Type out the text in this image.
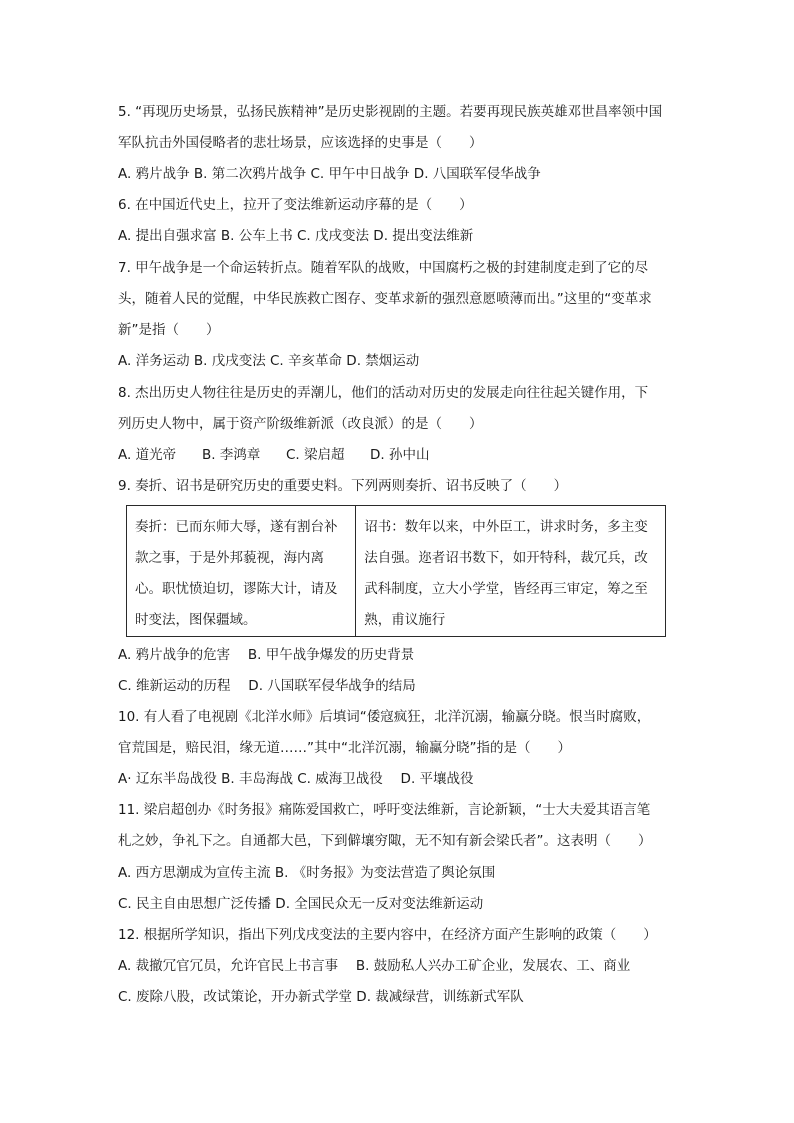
5. “再现历史场景，弘扬民族精神”是历史影视剧的主题。若要再现民族英雄邓世昌率领中国
军队抗击外国侵略者的悲壮场景，应该选择的史事是（　　）
A. 鸦片战争 B. 第二次鸦片战争 C. 甲午中日战争 D. 八国联军侵华战争
6. 在中国近代史上，拉开了变法维新运动序幕的是（　　）
A. 提出自强求富 B. 公车上书 C. 戊戌变法 D. 提出变法维新
7. 甲午战争是一个命运转折点。随着军队的战败，中国腐朽之极的封建制度走到了它的尽
头，随着人民的觉醒，中华民族救亡图存、变革求新的强烈意愿喷薄而出。”这里的“变革求
新”是指（　　）
A. 洋务运动 B. 戊戌变法 C. 辛亥革命 D. 禁烟运动
8. 杰出历史人物往往是历史的弄潮儿，他们的活动对历史的发展走向往往起关键作用，下
列历史人物中，属于资产阶级维新派（改良派）的是（　　）
A. 道光帝 B. 李鸿章 C. 梁启超 D. 孙中山
9. 奏折、诏书是研究历史的重要史料。下列两则奏折、诏书反映了（　　）
奏折：已而东师大辱，遂有割台补款之事，于是外邦藐视，海内离心。职忧愤迫切，谬陈大计，请及时变法，图保疆域。	诏书：数年以来，中外臣工，讲求时务，多主变法自强。迩者诏书数下，如开特科，裁冗兵，改武科制度，立大小学堂，皆经再三审定，筹之至熟，甫议施行
A. 鸦片战争的危害　 B. 甲午战争爆发的历史背景
C. 维新运动的历程　 D. 八国联军侵华战争的结局
10. 有人看了电视剧《北洋水师》后填词“倭寇疯狂，北洋沉溺，输赢分晓。恨当时腐败，
官荒国是，赔民泪，缘无道……”其中“北洋沉溺，输赢分晓”指的是（　　）
A· 辽东半岛战役 B. 丰岛海战 C. 威海卫战役　 D. 平壤战役
11. 梁启超创办《时务报》痛陈爱国救亡，呼吁变法维新，言论新颖，“士大夫爱其语言笔
札之妙，争礼下之。自通都大邑，下到僻壤穷陬，无不知有新会梁氏者”。这表明（　　）
A. 西方思潮成为宣传主流 B. 《时务报》为变法营造了舆论氛围
C. 民主自由思想广泛传播 D. 全国民众无一反对变法维新运动
12. 根据所学知识，指出下列戊戌变法的主要内容中，在经济方面产生影响的政策（　　）
A. 裁撤冗官冗员，允许官民上书言事　 B. 鼓励私人兴办工矿企业，发展农、工、商业
C. 废除八股，改试策论，开办新式学堂 D. 裁减绿营，训练新式军队
